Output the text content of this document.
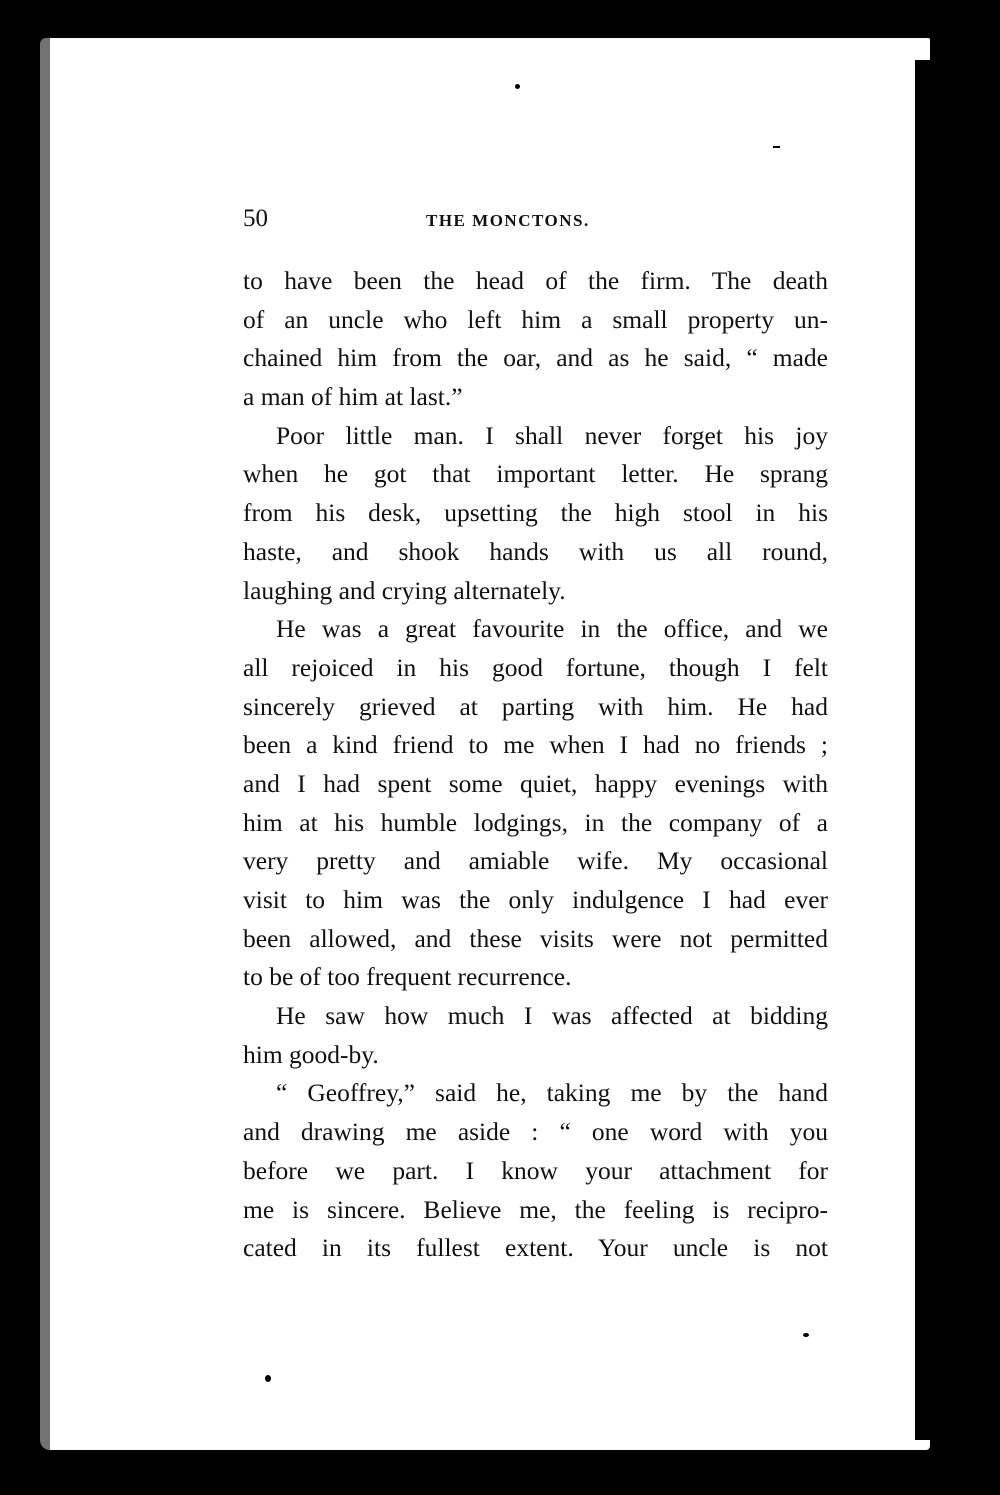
50	THE MONCTONS.
to have been the head of the firm. The death
of an uncle who left him a small property un-
chained him from the oar, and as he said, “ made
a man of him at last.”
Poor little man. I shall never forget his joy
when he got that important letter. He sprang
from his desk, upsetting the high stool in his
haste, and shook hands with us all round,
laughing and crying alternately.
He was a great favourite in the office, and we
all rejoiced in his good fortune, though I felt
sincerely grieved at parting with him. He had
been a kind friend to me when I had no friends ;
and I had spent some quiet, happy evenings with
him at his humble lodgings, in the company of a
very pretty and amiable wife. My occasional
visit to him was the only indulgence I had ever
been allowed, and these visits were not permitted
to be of too frequent recurrence.
He saw how much I was affected at bidding
him good-by.
“ Geoffrey,” said he, taking me by the hand
and drawing me aside : “ one word with you
before we part. I know your attachment for
me is sincere. Believe me, the feeling is recipro-
cated in its fullest extent. Your uncle is not
